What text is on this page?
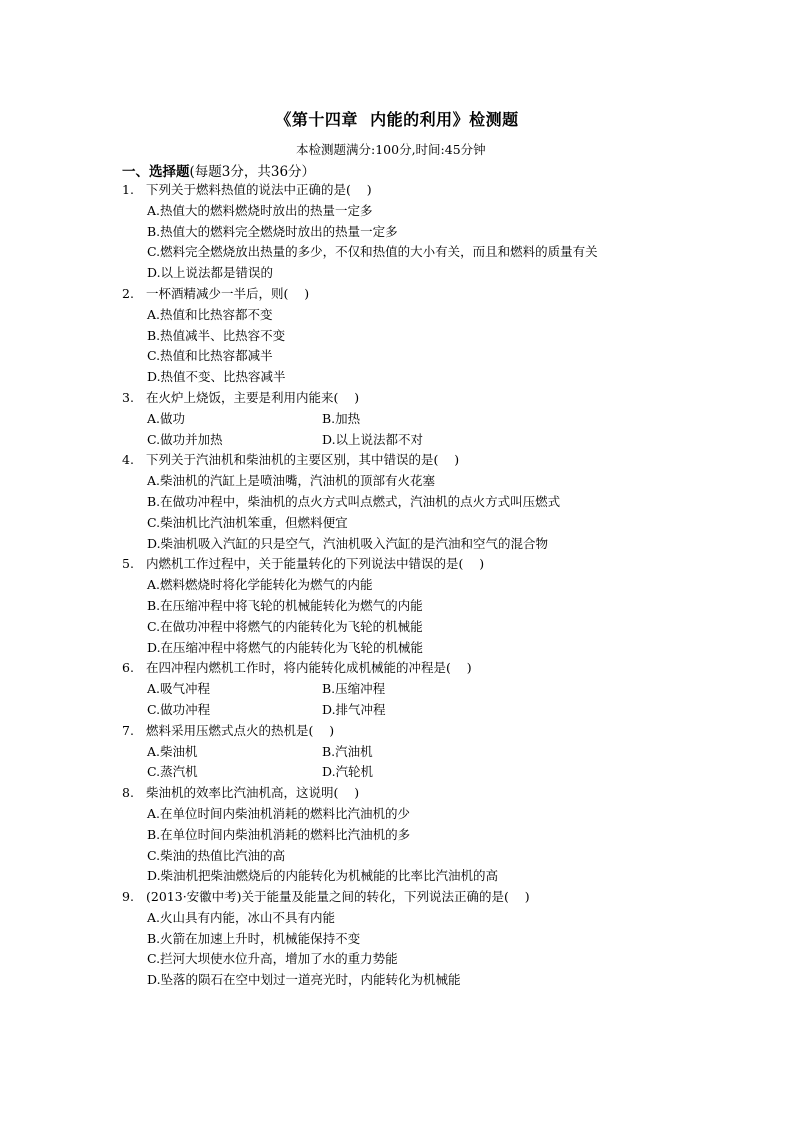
《第十四章  内能的利用》检测题
本检测题满分:100分,时间:45分钟
一、选择题(每题3分，共36分）
1. 下列关于燃料热值的说法中正确的是(    )
A.热值大的燃料燃烧时放出的热量一定多
B.热值大的燃料完全燃烧时放出的热量一定多
C.燃料完全燃烧放出热量的多少，不仅和热值的大小有关，而且和燃料的质量有关
D.以上说法都是错误的
2. 一杯酒精减少一半后，则(    )
A.热值和比热容都不变
B.热值减半、比热容不变
C.热值和比热容都减半
D.热值不变、比热容减半
3. 在火炉上烧饭，主要是利用内能来(    )
A.做功	B.加热
C.做功并加热	D.以上说法都不对
4. 下列关于汽油机和柴油机的主要区别，其中错误的是(    )
A.柴油机的汽缸上是喷油嘴，汽油机的顶部有火花塞
B.在做功冲程中，柴油机的点火方式叫点燃式，汽油机的点火方式叫压燃式
C.柴油机比汽油机笨重，但燃料便宜
D.柴油机吸入汽缸的只是空气，汽油机吸入汽缸的是汽油和空气的混合物
5. 内燃机工作过程中，关于能量转化的下列说法中错误的是(    )
A.燃料燃烧时将化学能转化为燃气的内能
B.在压缩冲程中将飞轮的机械能转化为燃气的内能
C.在做功冲程中将燃气的内能转化为飞轮的机械能
D.在压缩冲程中将燃气的内能转化为飞轮的机械能
6. 在四冲程内燃机工作时，将内能转化成机械能的冲程是(    )
A.吸气冲程	B.压缩冲程
C.做功冲程	D.排气冲程
7. 燃料采用压燃式点火的热机是(    )
A.柴油机	B.汽油机
C.蒸汽机	D.汽轮机
8. 柴油机的效率比汽油机高，这说明(    )
A.在单位时间内柴油机消耗的燃料比汽油机的少
B.在单位时间内柴油机消耗的燃料比汽油机的多
C.柴油的热值比汽油的高
D.柴油机把柴油燃烧后的内能转化为机械能的比率比汽油机的高
9. (2013·安徽中考)关于能量及能量之间的转化，下列说法正确的是(    )
A.火山具有内能，冰山不具有内能
B.火箭在加速上升时，机械能保持不变
C.拦河大坝使水位升高，增加了水的重力势能
D.坠落的陨石在空中划过一道亮光时，内能转化为机械能
